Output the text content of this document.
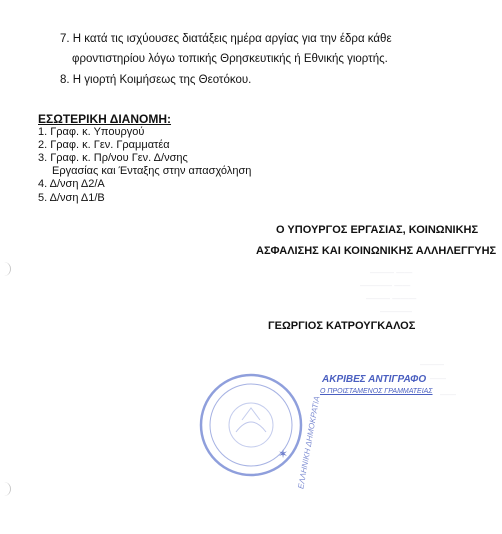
7. Η κατά τις ισχύουσες διατάξεις ημέρα αργίας για την έδρα κάθε
φροντιστηρίου λόγω τοπικής Θρησκευτικής ή Εθνικής γιορτής.
8. Η γιορτή Κοιμήσεως της Θεοτόκου.
ΕΣΩΤΕΡΙΚΗ ΔΙΑΝΟΜΗ:
1. Γραφ. κ. Υπουργού
2. Γραφ. κ. Γεν. Γραμματέα
3. Γραφ. κ. Πρ/νου Γεν. Δ/νσης
Εργασίας και Ένταξης στην απασχόληση
4. Δ/νση Δ2/Α
5. Δ/νση Δ1/Β
Ο ΥΠΟΥΡΓΟΣ ΕΡΓΑΣΙΑΣ, ΚΟΙΝΩΝΙΚΗΣ
ΑΣΦΑΛΙΣΗΣ ΚΑΙ ΚΟΙΝΩΝΙΚΗΣ ΑΛΛΗΛΕΓΓΥΗΣ
ΓΕΩΡΓΙΟΣ ΚΑΤΡΟΥΓΚΑΛΟΣ
——— ——
———— ——
——— ———
————
———
——
——
✶ ΕΛΛΗΝΙΚΗ ΔΗΜΟΚΡΑΤΙΑ
ΑΚΡΙΒΕΣ ΑΝΤΙΓΡΑΦΟ
Ο ΠΡΟΙΣΤΑΜΕΝΟΣ ΓΡΑΜΜΑΤΕΙΑΣ
